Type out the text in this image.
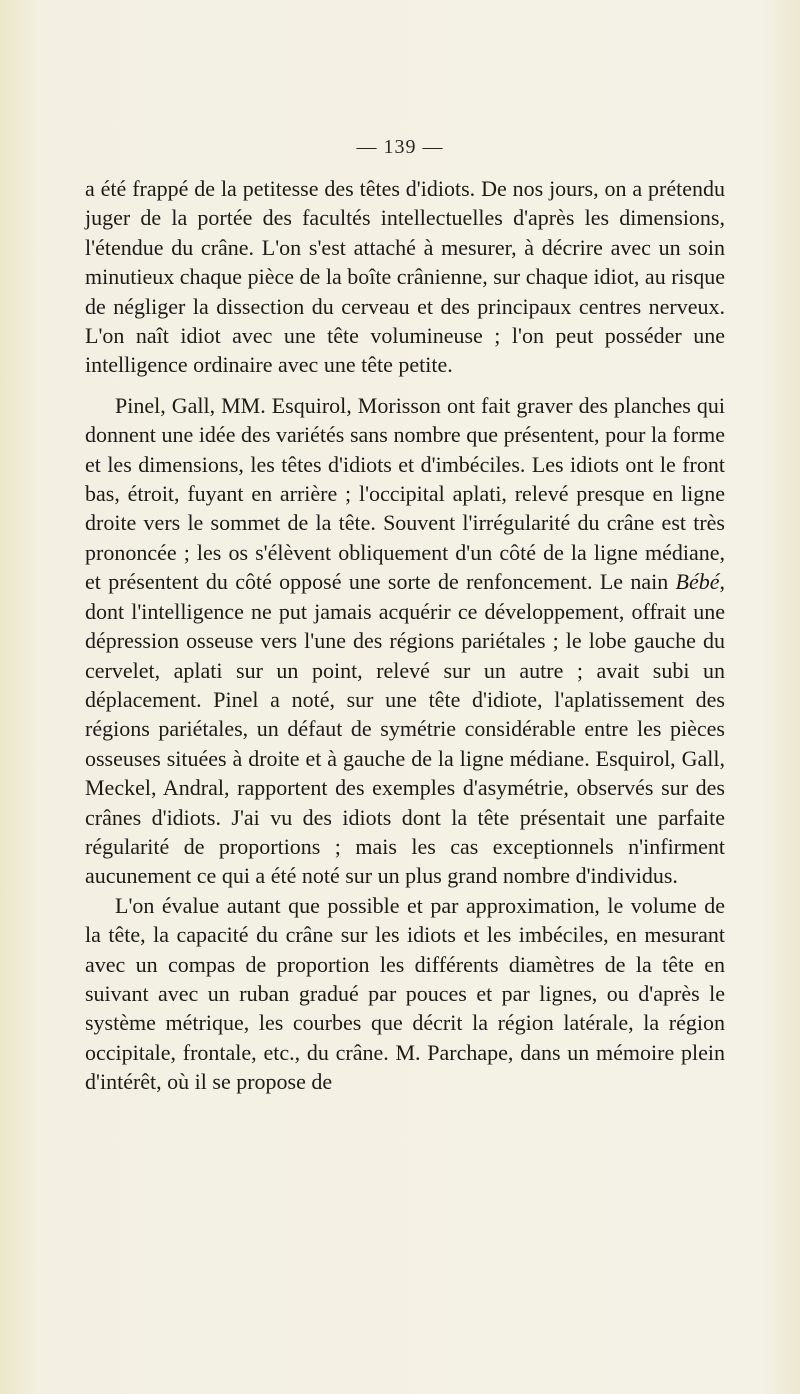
— 139 —

a été frappé de la petitesse des têtes d'idiots. De nos jours, on a prétendu juger de la portée des facultés intellectuelles d'après les dimensions, l'étendue du crâne. L'on s'est attaché à mesurer, à décrire avec un soin minutieux chaque pièce de la boîte crânienne, sur chaque idiot, au risque de négliger la dissection du cerveau et des principaux centres nerveux. L'on naît idiot avec une tête volumineuse ; l'on peut posséder une intelligence ordinaire avec une tête petite.

Pinel, Gall, MM. Esquirol, Morisson ont fait graver des planches qui donnent une idée des variétés sans nombre que présentent, pour la forme et les dimensions, les têtes d'idiots et d'imbéciles. Les idiots ont le front bas, étroit, fuyant en arrière ; l'occipital aplati, relevé presque en ligne droite vers le sommet de la tête. Souvent l'irrégularité du crâne est très prononcée ; les os s'élèvent obliquement d'un côté de la ligne médiane, et présentent du côté opposé une sorte de renfoncement. Le nain Bébé, dont l'intelligence ne put jamais acquérir ce développement, offrait une dépression osseuse vers l'une des régions pariétales ; le lobe gauche du cervelet, aplati sur un point, relevé sur un autre ; avait subi un déplacement. Pinel a noté, sur une tête d'idiote, l'aplatissement des régions pariétales, un défaut de symétrie considérable entre les pièces osseuses situées à droite et à gauche de la ligne médiane. Esquirol, Gall, Meckel, Andral, rapportent des exemples d'asymétrie, observés sur des crânes d'idiots. J'ai vu des idiots dont la tête présentait une parfaite régularité de proportions ; mais les cas exceptionnels n'infirment aucunement ce qui a été noté sur un plus grand nombre d'individus.

L'on évalue autant que possible et par approximation, le volume de la tête, la capacité du crâne sur les idiots et les imbéciles, en mesurant avec un compas de proportion les différents diamètres de la tête en suivant avec un ruban gradué par pouces et par lignes, ou d'après le système métrique, les courbes que décrit la région latérale, la région occipitale, frontale, etc., du crâne. M. Parchape, dans un mémoire plein d'intérêt, où il se propose de
